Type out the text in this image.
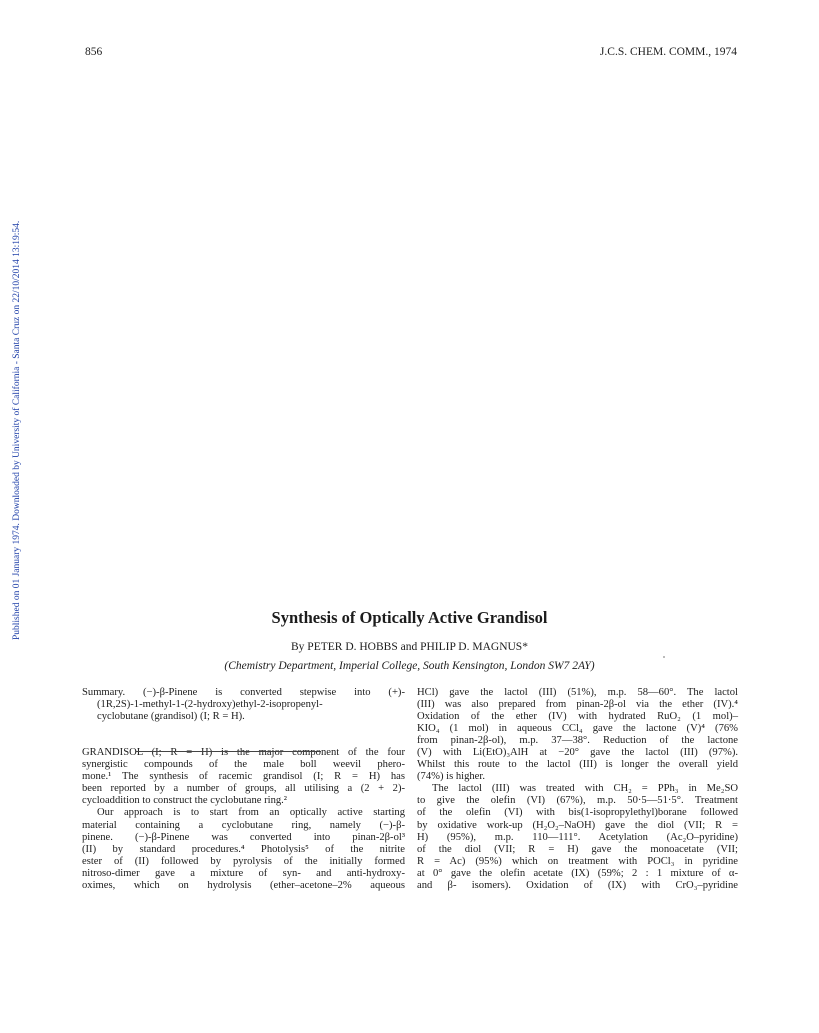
856	J.C.S. CHEM. COMM., 1974
Published on 01 January 1974. Downloaded by University of California - Santa Cruz on 22/10/2014 13:19:54.	Synthesis of Optically Active Grandisol
By PETER D. HOBBS and PHILIP D. MAGNUS*
(Chemistry Department, Imperial College, South Kensington, London SW7 2AY)
Summary. (−)-β-Pinene is converted stepwise into (+)-
(1R,2S)-1-methyl-1-(2-hydroxy)ethyl-2-isopropenyl-
cyclobutane (grandisol) (I; R = H).
GRANDISOL (I; R = H) is the major component of the four
synergistic compounds of the male boll weevil phero-
mone.¹ The synthesis of racemic grandisol (I; R = H) has
been reported by a number of groups, all utilising a (2 + 2)-
cycloaddition to construct the cyclobutane ring.²
Our approach is to start from an optically active starting
material containing a cyclobutane ring, namely (−)-β-
pinene. (−)-β-Pinene was converted into pinan-2β-ol³
(II) by standard procedures.⁴ Photolysis⁵ of the nitrite
ester of (II) followed by pyrolysis of the initially formed
nitroso-dimer gave a mixture of syn- and anti-hydroxy-
oximes, which on hydrolysis (ether–acetone–2% aqueous
HCl) gave the lactol (III) (51%), m.p. 58—60°. The lactol
(III) was also prepared from pinan-2β-ol via the ether (IV).⁴
Oxidation of the ether (IV) with hydrated RuO₂ (1 mol)–
KIO₄ (1 mol) in aqueous CCl₄ gave the lactone (V)⁴ (76%
from pinan-2β-ol), m.p. 37—38°. Reduction of the lactone
(V) with Li(EtO)₃AlH at −20° gave the lactol (III) (97%).
Whilst this route to the lactol (III) is longer the overall yield
(74%) is higher.
The lactol (III) was treated with CH₂ = PPh₃ in Me₂SO
to give the olefin (VI) (67%), m.p. 50·5—51·5°. Treatment
of the olefin (VI) with bis(1-isopropylethyl)borane followed
by oxidative work-up (H₂O₂–NaOH) gave the diol (VII; R =
H) (95%), m.p. 110—111°. Acetylation (Ac₂O–pyridine)
of the diol (VII; R = H) gave the monoacetate (VII;
R = Ac) (95%) which on treatment with POCl₃ in pyridine
at 0° gave the olefin acetate (IX) (59%; 2 : 1 mixture of α-
and β- isomers). Oxidation of (IX) with CrO₃–pyridine
